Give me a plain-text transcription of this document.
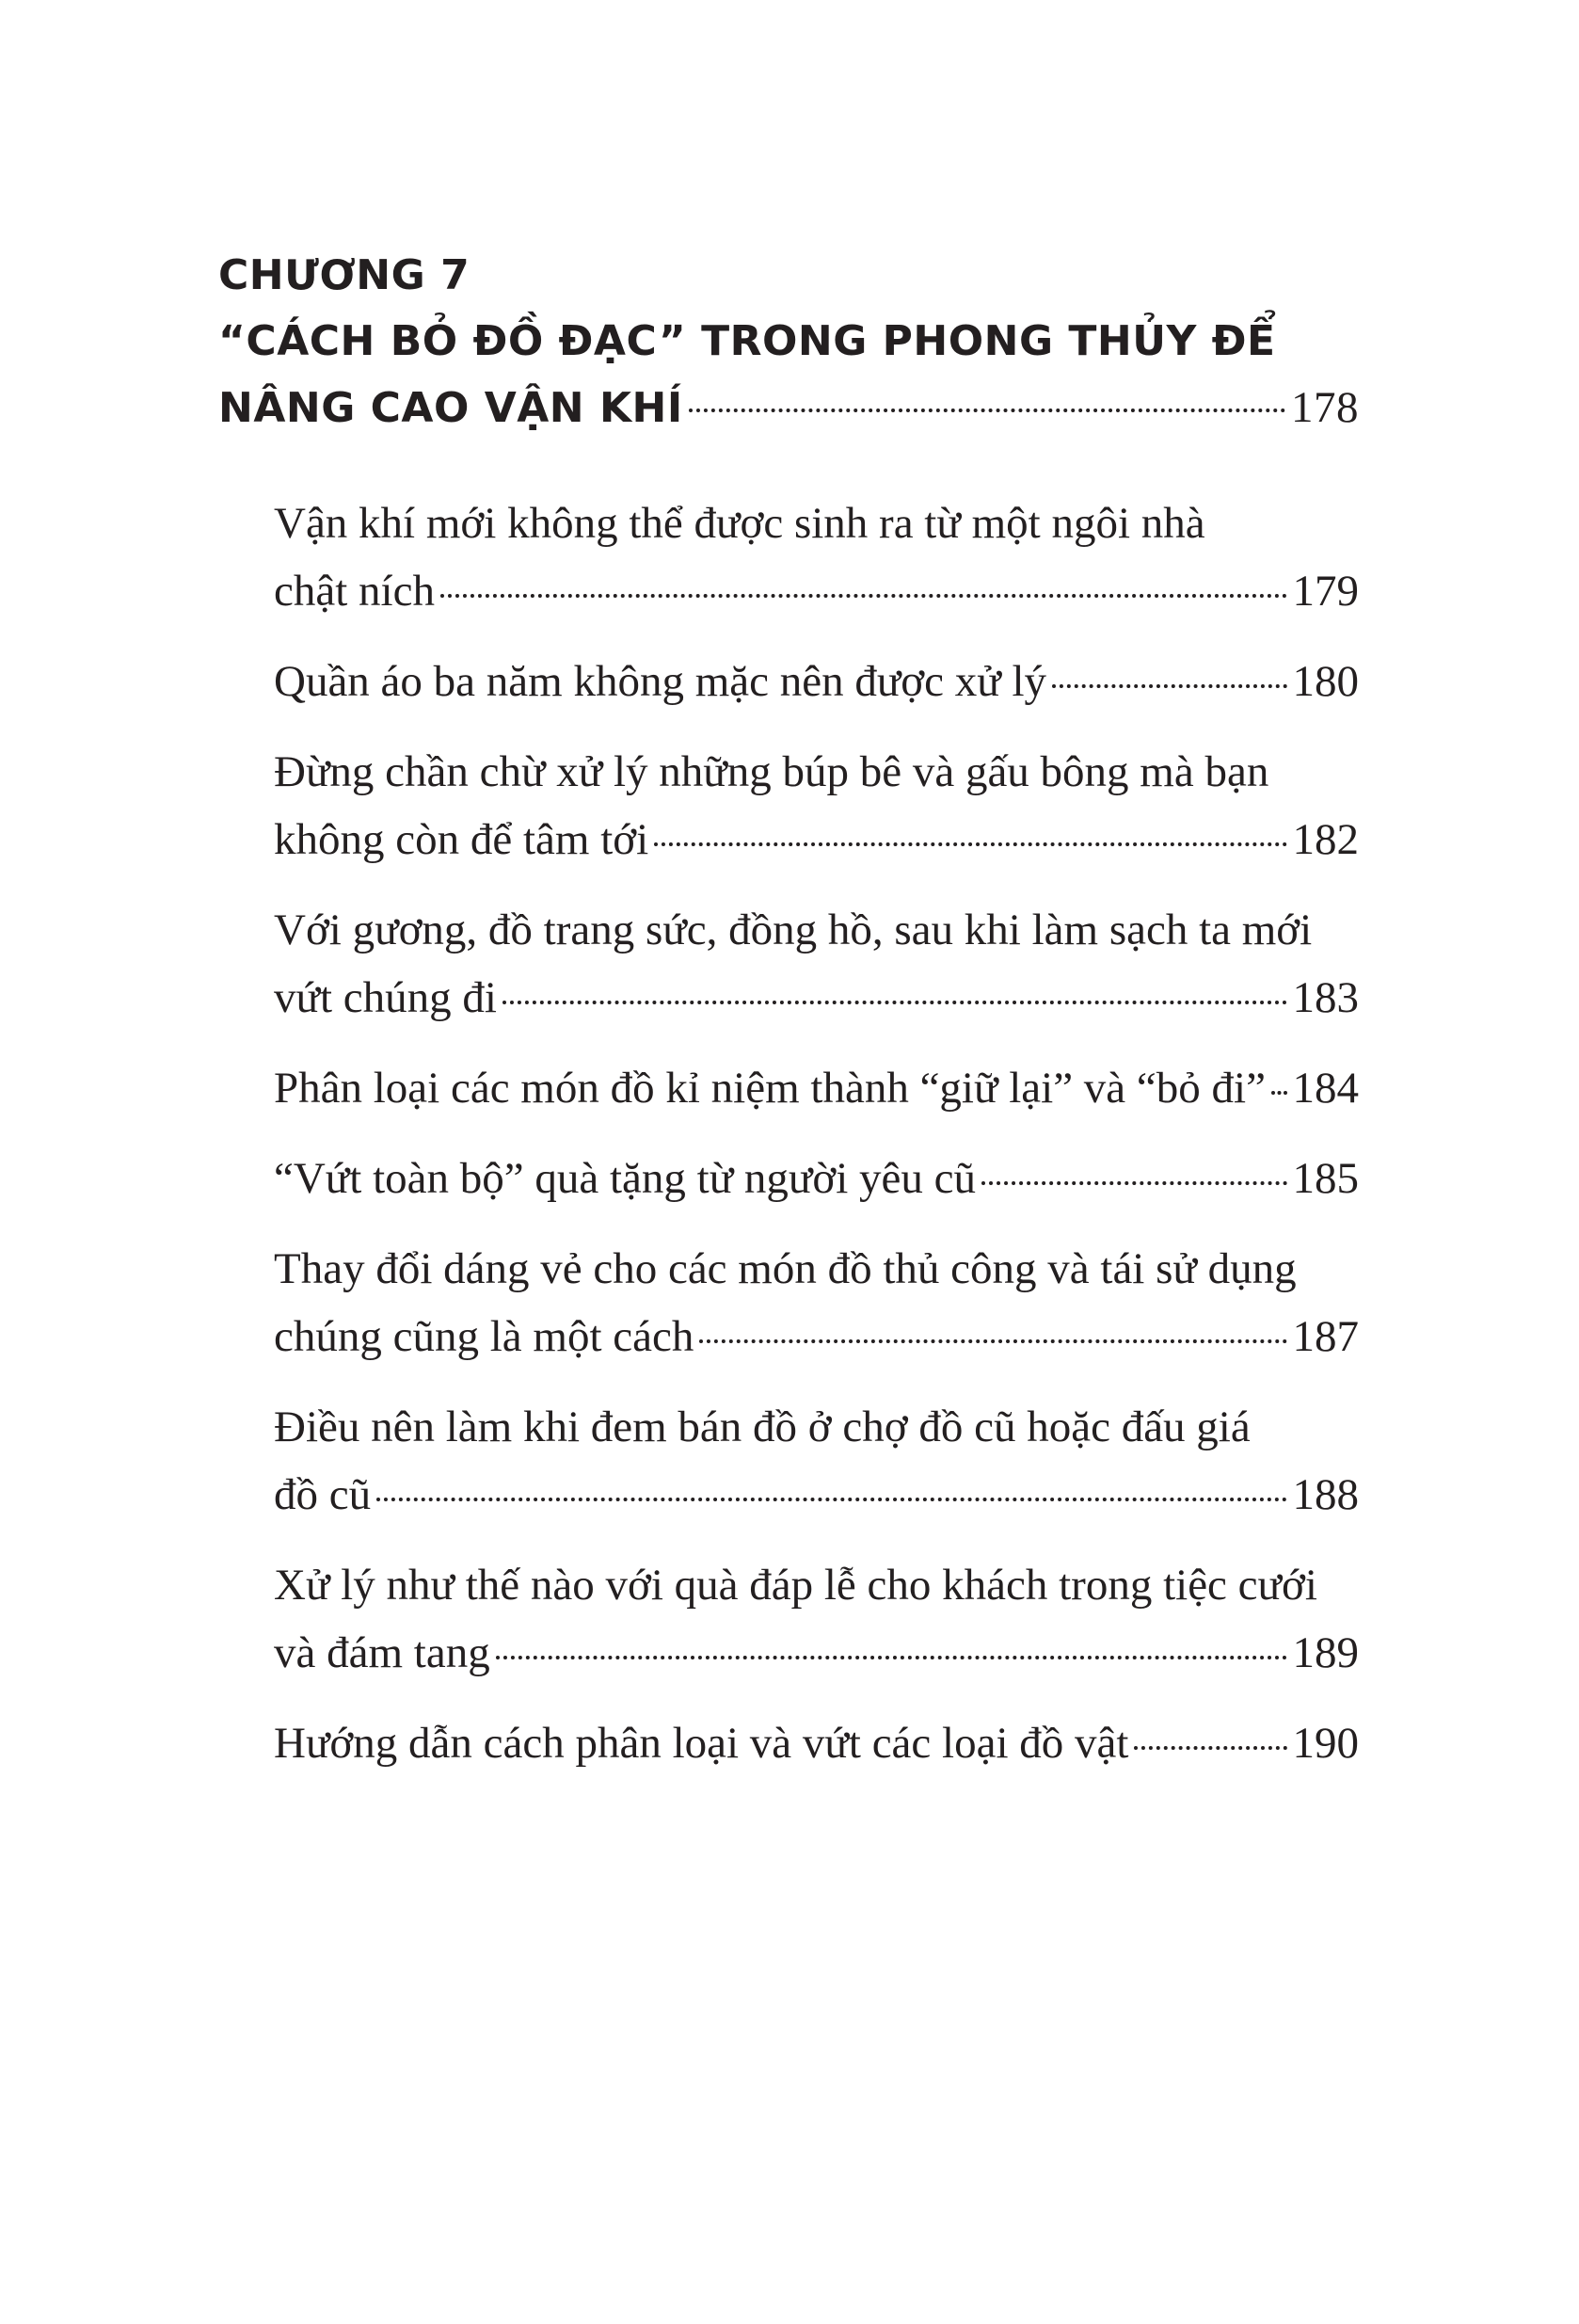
CHƯƠNG 7
“CÁCH BỎ ĐỒ ĐẠC” TRONG PHONG THỦY ĐỂ
NÂNG CAO VẬN KHÍ	178
Vận khí mới không thể được sinh ra từ một ngôi nhà
chật ních	179
Quần áo ba năm không mặc nên được xử lý	180
Đừng chần chừ xử lý những búp bê và gấu bông mà bạn
không còn để tâm tới	182
Với gương, đồ trang sức, đồng hồ, sau khi làm sạch ta mới
vứt chúng đi	183
Phân loại các món đồ kỉ niệm thành “giữ lại” và “bỏ đi” 184
“Vứt toàn bộ” quà tặng từ người yêu cũ	185
Thay đổi dáng vẻ cho các món đồ thủ công và tái sử dụng
chúng cũng là một cách	187
Điều nên làm khi đem bán đồ ở chợ đồ cũ hoặc đấu giá
đồ cũ	188
Xử lý như thế nào với quà đáp lễ cho khách trong tiệc cưới
và đám tang	189
Hướng dẫn cách phân loại và vứt các loại đồ vật	190
